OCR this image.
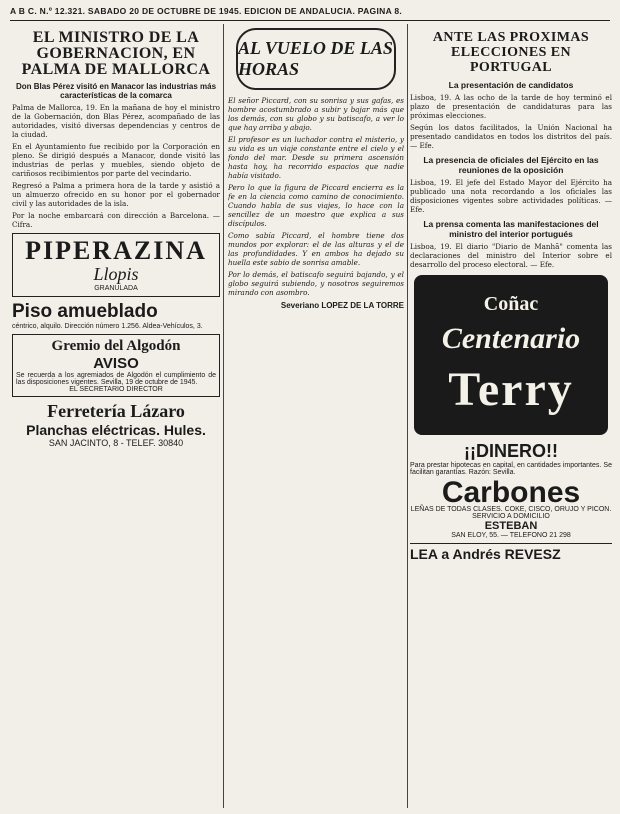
A B C. N.º 12.321. SABADO 20 DE OCTUBRE DE 1945. EDICION DE ANDALUCIA. PAGINA 8.
EL MINISTRO DE LA GOBERNACION, EN PALMA DE MALLORCA
Don Blas Pérez visitó en Manacor las industrias más características de la comarca

Palma de Mallorca, 19. En la mañana de hoy el ministro de la Gobernación, don Blas Pérez, acompañado de las autoridades, visitó diversas dependencias y centros de la ciudad.

En el Ayuntamiento fue recibido por la Corporación en pleno. Se dirigió después a Manacor, donde visitó las industrias de perlas y muebles, siendo objeto de cariñosos recibimientos por parte del vecindario.

Regresó a Palma a primera hora de la tarde y asistió a un almuerzo ofrecido en su honor por el gobernador civil y las autoridades de la isla.

Por la noche embarcará con dirección a Barcelona. — Cifra.

PIPERAZINA
Llopis
GRANULADA
Piso amueblado
céntrico, alquilo. Dirección número 1.256. Aldea-Vehículos, 3.
Gremio del Algodón
AVISO
Se recuerda a los agremiados de Algodón el cumplimiento de las disposiciones vigentes. Sevilla, 19 de octubre de 1945.
EL SECRETARIO DIRECTOR
Ferretería Lázaro
Planchas eléctricas. Hules.
SAN JACINTO, 8 - TELEF. 30840
AL VUELO DE LAS HORAS

El señor Piccard, con su sonrisa y sus gafas, es hombre acostumbrado a subir y bajar más que los demás, con su globo y su batiscafo, a ver lo que hay arriba y abajo.

El profesor es un luchador contra el misterio, y su vida es un viaje constante entre el cielo y el fondo del mar. Desde su primera ascensión hasta hoy, ha recorrido espacios que nadie había visitado.

Pero lo que la figura de Piccard encierra es la fe en la ciencia como camino de conocimiento. Cuando habla de sus viajes, lo hace con la sencillez de un maestro que explica a sus discípulos.

Como sabía Piccard, el hombre tiene dos mundos por explorar: el de las alturas y el de las profundidades. Y en ambos ha dejado su huella este sabio de sonrisa amable.

Por lo demás, el batiscafo seguirá bajando, y el globo seguirá subiendo, y nosotros seguiremos mirando con asombro.

Severiano LOPEZ DE LA TORRE
ANTE LAS PROXIMAS ELECCIONES EN PORTUGAL
La presentación de candidatos

Lisboa, 19. A las ocho de la tarde de hoy terminó el plazo de presentación de candidaturas para las próximas elecciones.

Según los datos facilitados, la Unión Nacional ha presentado candidatos en todos los distritos del país. — Efe.

La presencia de oficiales del Ejército en las reuniones de la oposición

Lisboa, 19. El jefe del Estado Mayor del Ejército ha publicado una nota recordando a los oficiales las disposiciones vigentes sobre actividades políticas. — Efe.

La prensa comenta las manifestaciones del ministro del interior portugués

Lisboa, 19. El diario "Diario de Manhã" comenta las declaraciones del ministro del Interior sobre el desarrollo del proceso electoral. — Efe.

Coñac
Centenario
Terry
¡¡DINERO!!
Para prestar hipotecas en capital, en cantidades importantes. Se facilitan garantías. Razón: Sevilla.
Carbones
LEÑAS DE TODAS CLASES. COKE, CISCO, ORUJO Y PICON. SERVICIO A DOMICILIO
ESTEBAN
SAN ELOY, 55. — TELEFONO 21 298
LEA a Andrés REVESZ
